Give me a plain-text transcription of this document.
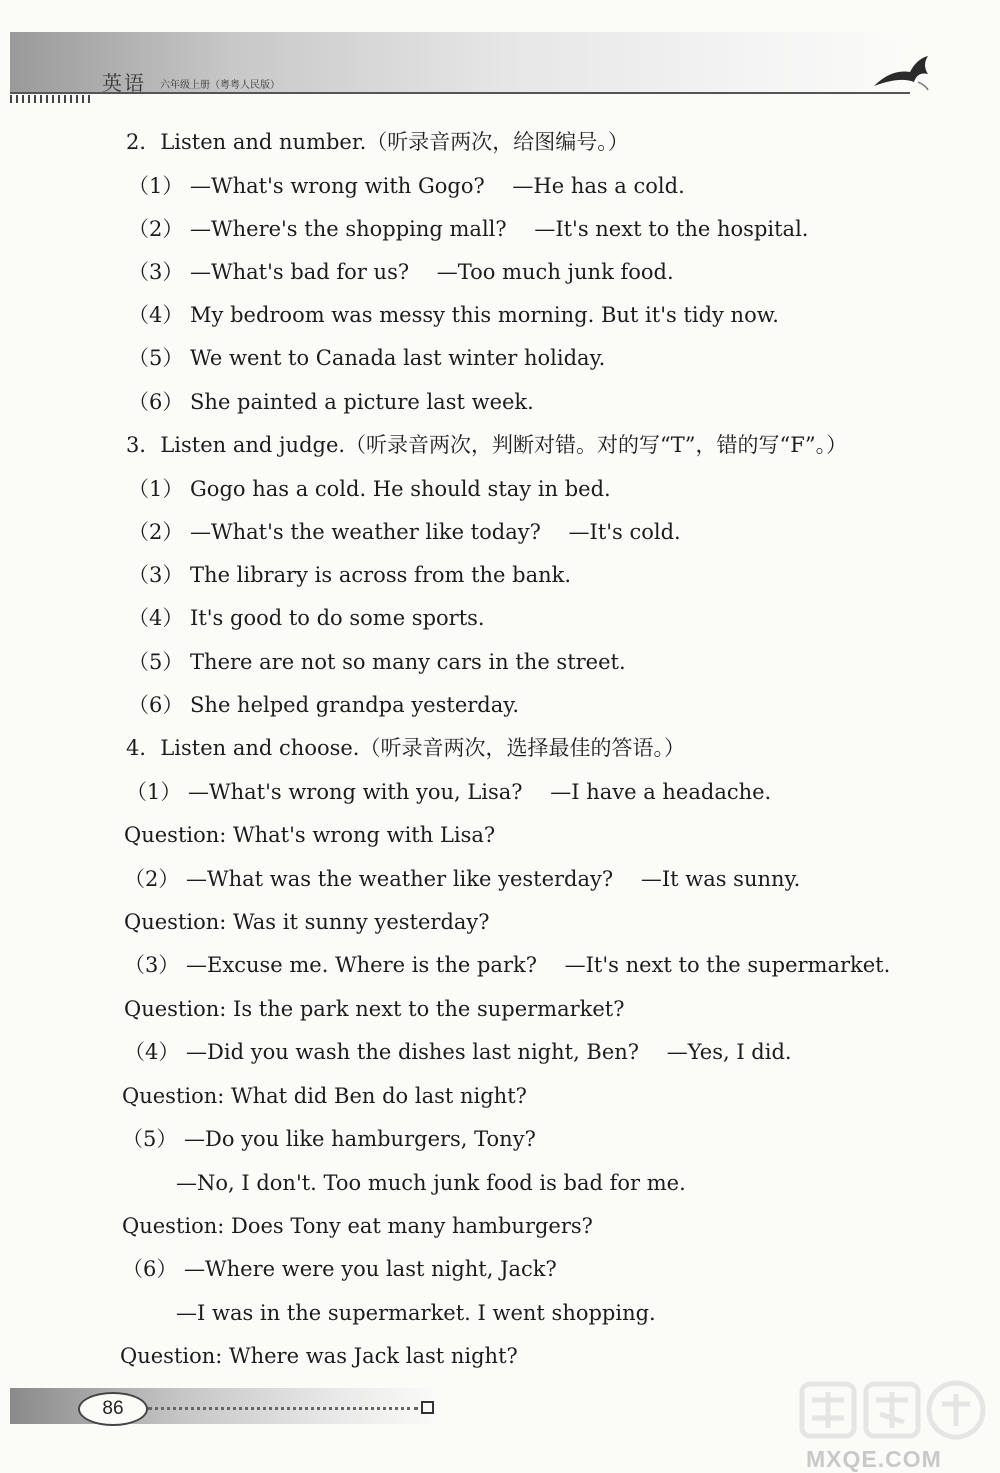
英语 六年级上册（粤粤人民版）
2．Listen and number.（听录音两次，给图编号。）
（1） —What's wrong with Gogo?　 —He has a cold.
（2） —Where's the shopping mall?　 —It's next to the hospital.
（3） —What's bad for us?　 —Too much junk food.
（4） My bedroom was messy this morning. But it's tidy now.
（5） We went to Canada last winter holiday.
（6） She painted a picture last week.
3．Listen and judge.（听录音两次，判断对错。对的写“T”，错的写“F”。）
（1） Gogo has a cold. He should stay in bed.
（2） —What's the weather like today?　 —It's cold.
（3） The library is across from the bank.
（4） It's good to do some sports.
（5） There are not so many cars in the street.
（6） She helped grandpa yesterday.
4．Listen and choose.（听录音两次，选择最佳的答语。）
（1） —What's wrong with you, Lisa?　 —I have a headache.
Question: What's wrong with Lisa?
（2） —What was the weather like yesterday?　 —It was sunny.
Question: Was it sunny yesterday?
（3） —Excuse me. Where is the park?　 —It's next to the supermarket.
Question: Is the park next to the supermarket?
（4） —Did you wash the dishes last night, Ben?　 —Yes, I did.
Question: What did Ben do last night?
（5） —Do you like hamburgers, Tony?
—No, I don't. Too much junk food is bad for me.
Question: Does Tony eat many hamburgers?
（6） —Where were you last night, Jack?
—I was in the supermarket. I went shopping.
Question: Where was Jack last night?
86
MXQE.COM
